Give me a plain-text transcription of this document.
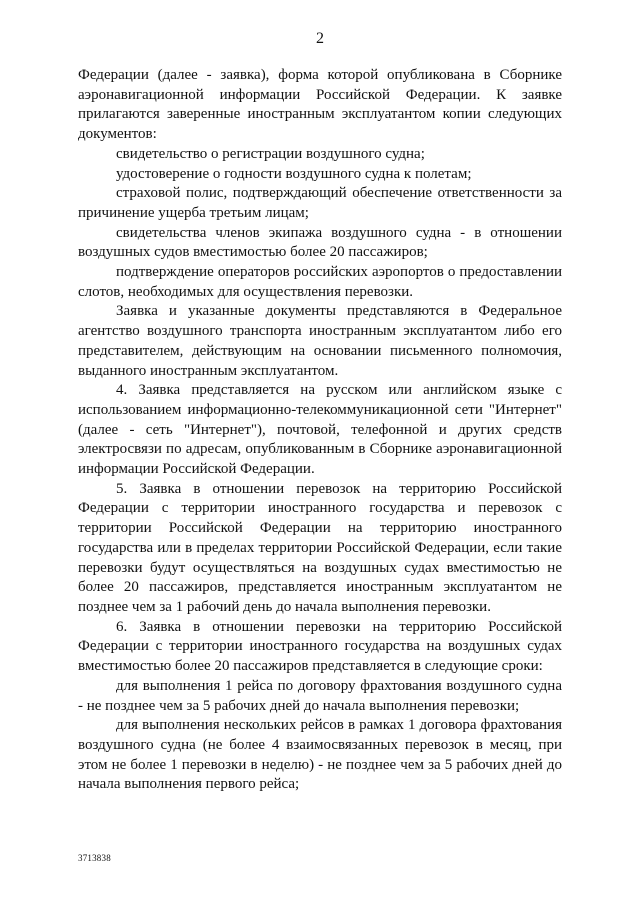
2

Федерации (далее - заявка), форма которой опубликована в Сборнике аэронавигационной информации Российской Федерации. К заявке прилагаются заверенные иностранным эксплуатантом копии следующих документов:

свидетельство о регистрации воздушного судна;

удостоверение о годности воздушного судна к полетам;

страховой полис, подтверждающий обеспечение ответственности за причинение ущерба третьим лицам;

свидетельства членов экипажа воздушного судна - в отношении воздушных судов вместимостью более 20 пассажиров;

подтверждение операторов российских аэропортов о предоставлении слотов, необходимых для осуществления перевозки.

Заявка и указанные документы представляются в Федеральное агентство воздушного транспорта иностранным эксплуатантом либо его представителем, действующим на основании письменного полномочия, выданного иностранным эксплуатантом.

4. Заявка представляется на русском или английском языке с использованием информационно-телекоммуникационной сети "Интернет" (далее - сеть "Интернет"), почтовой, телефонной и других средств электросвязи по адресам, опубликованным в Сборнике аэронавигационной информации Российской Федерации.

5. Заявка в отношении перевозок на территорию Российской Федерации с территории иностранного государства и перевозок с территории Российской Федерации на территорию иностранного государства или в пределах территории Российской Федерации, если такие перевозки будут осуществляться на воздушных судах вместимостью не более 20 пассажиров, представляется иностранным эксплуатантом не позднее чем за 1 рабочий день до начала выполнения перевозки.

6. Заявка в отношении перевозки на территорию Российской Федерации с территории иностранного государства на воздушных судах вместимостью более 20 пассажиров представляется в следующие сроки:

для выполнения 1 рейса по договору фрахтования воздушного судна - не позднее чем за 5 рабочих дней до начала выполнения перевозки;

для выполнения нескольких рейсов в рамках 1 договора фрахтования воздушного судна (не более 4 взаимосвязанных перевозок в месяц, при этом не более 1 перевозки в неделю) - не позднее чем за 5 рабочих дней до начала выполнения первого рейса;

3713838
